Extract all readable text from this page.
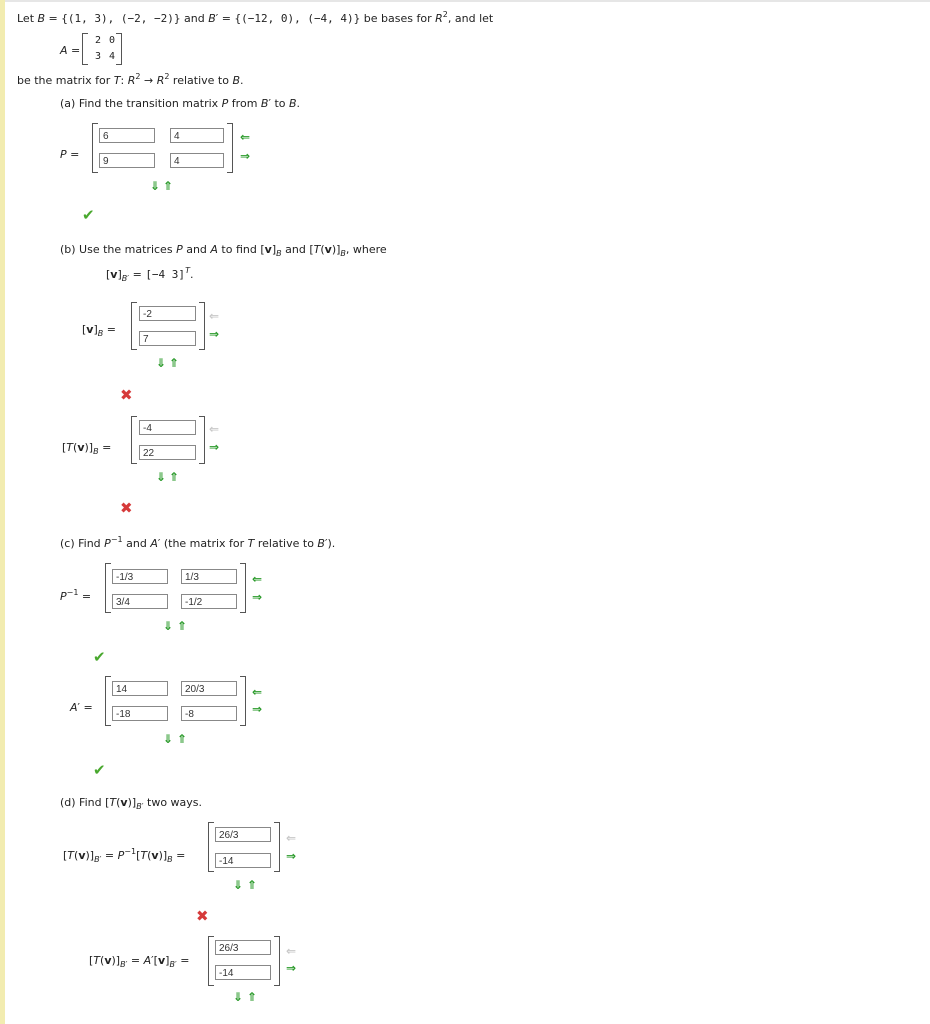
Let B = {(1, 3), (−2, −2)} and B′ = {(−12, 0), (−4, 4)} be bases for $R^2$, and let
A =
2 0
3 4
be the matrix for T: $R^2 \to R^2$ relative to B.
(a) Find the transition matrix P from B′ to B.
P =
6
4
9
4
⇐
⇒
⇓ ⇑
✔
(b) Use the matrices P and A to find $[v]_B$ and $[T(v)]_B$, where
$[v]_{B'} = [-4$ 3]$^T$.
$[v]_B$ =
-2
7
⇐
⇒
⇓ ⇑
✖
$[T(v)]_B$ =
-4
22
⇐
⇒
⇓ ⇑
✖
(c) Find $P^{-1}$ and A′ (the matrix for T relative to B′).
$P^{-1}$ =
-1/3
1/3
3/4
-1/2
⇐
⇒
⇓ ⇑
✔
A′ =
14
20/3
-18
-8
⇐
⇒
⇓ ⇑
✔
(d) Find $[T(v)]_{B'}$ two ways.
$[T(v)]_{B'} = P^{-1}[T(v)]_B$ =
26/3
-14
⇐
⇒
⇓ ⇑
✖
$[T(v)]_{B'} = A'[v]_{B'}$ =
26/3
-14
⇐
⇒
⇓ ⇑
